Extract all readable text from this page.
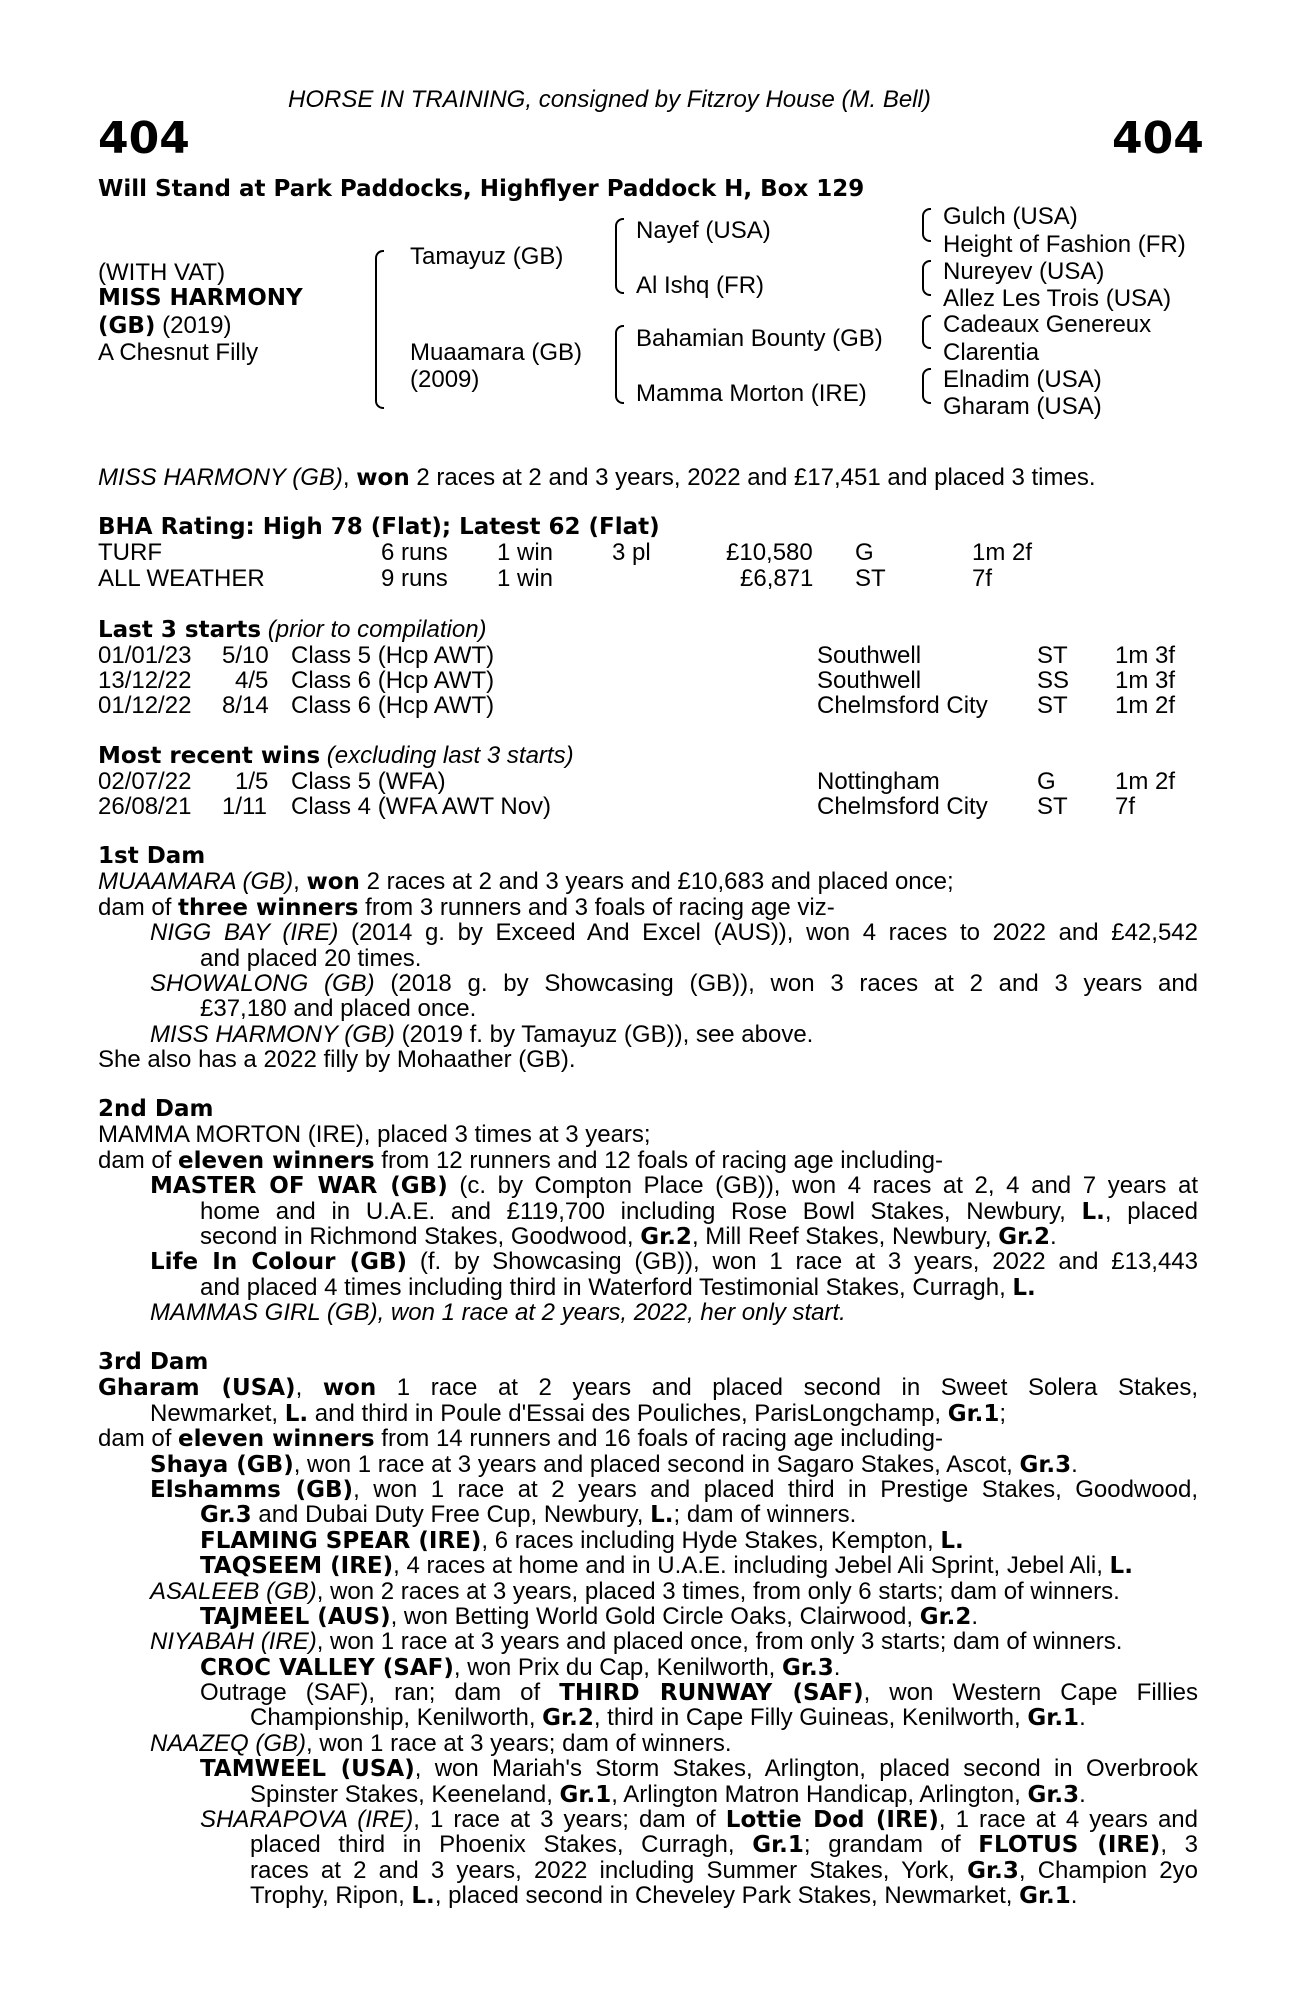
HORSE IN TRAINING, consigned by Fitzroy House (M. Bell)
404	404
Will Stand at Park Paddocks, Highflyer Paddock H, Box 129
(WITH VAT)
MISS HARMONY
(GB) (2019)
A Chesnut Filly
Tamayuz (GB)
Muaamara (GB)
(2009)
Nayef (USA)
Al Ishq (FR)
Bahamian Bounty (GB)
Mamma Morton (IRE)
Gulch (USA)
Height of Fashion (FR)
Nureyev (USA)
Allez Les Trois (USA)
Cadeaux Genereux
Clarentia
Elnadim (USA)
Gharam (USA)
MISS HARMONY (GB), won 2 races at 2 and 3 years, 2022 and £17,451 and placed 3 times.
BHA Rating: High 78 (Flat); Latest 62 (Flat)
TURF	6 runs 1 win 3 pl	£10,580 G	1m 2f
ALL WEATHER	9 runs 1 win	£6,871 ST	7f
Last 3 starts (prior to compilation)
01/01/23 5/10 Class 5 (Hcp AWT)	Southwell	ST 1m 3f
13/12/22 4/5 Class 6 (Hcp AWT)	Southwell	SS 1m 3f
01/12/22 8/14 Class 6 (Hcp AWT)	Chelmsford City ST 1m 2f
Most recent wins (excluding last 3 starts)
02/07/22 1/5 Class 5 (WFA)	Nottingham	G 1m 2f
26/08/21 1/11 Class 4 (WFA AWT Nov)	Chelmsford City ST 7f
1st Dam
MUAAMARA (GB), won 2 races at 2 and 3 years and £10,683 and placed once;
dam of three winners from 3 runners and 3 foals of racing age viz-
NIGG BAY (IRE) (2014 g. by Exceed And Excel (AUS)), won 4 races to 2022 and £42,542
and placed 20 times.
SHOWALONG (GB) (2018 g. by Showcasing (GB)), won 3 races at 2 and 3 years and
£37,180 and placed once.
MISS HARMONY (GB) (2019 f. by Tamayuz (GB)), see above.
She also has a 2022 filly by Mohaather (GB).
2nd Dam
MAMMA MORTON (IRE), placed 3 times at 3 years;
dam of eleven winners from 12 runners and 12 foals of racing age including-
MASTER OF WAR (GB) (c. by Compton Place (GB)), won 4 races at 2, 4 and 7 years at
home and in U.A.E. and £119,700 including Rose Bowl Stakes, Newbury, L., placed
second in Richmond Stakes, Goodwood, Gr.2, Mill Reef Stakes, Newbury, Gr.2.
Life In Colour (GB) (f. by Showcasing (GB)), won 1 race at 3 years, 2022 and £13,443
and placed 4 times including third in Waterford Testimonial Stakes, Curragh, L.
MAMMAS GIRL (GB), won 1 race at 2 years, 2022, her only start.
3rd Dam
Gharam (USA), won 1 race at 2 years and placed second in Sweet Solera Stakes,
Newmarket, L. and third in Poule d'Essai des Pouliches, ParisLongchamp, Gr.1;
dam of eleven winners from 14 runners and 16 foals of racing age including-
Shaya (GB), won 1 race at 3 years and placed second in Sagaro Stakes, Ascot, Gr.3.
Elshamms (GB), won 1 race at 2 years and placed third in Prestige Stakes, Goodwood,
Gr.3 and Dubai Duty Free Cup, Newbury, L.; dam of winners.
FLAMING SPEAR (IRE), 6 races including Hyde Stakes, Kempton, L.
TAQSEEM (IRE), 4 races at home and in U.A.E. including Jebel Ali Sprint, Jebel Ali, L.
ASALEEB (GB), won 2 races at 3 years, placed 3 times, from only 6 starts; dam of winners.
TAJMEEL (AUS), won Betting World Gold Circle Oaks, Clairwood, Gr.2.
NIYABAH (IRE), won 1 race at 3 years and placed once, from only 3 starts; dam of winners.
CROC VALLEY (SAF), won Prix du Cap, Kenilworth, Gr.3.
Outrage (SAF), ran; dam of THIRD RUNWAY (SAF), won Western Cape Fillies
Championship, Kenilworth, Gr.2, third in Cape Filly Guineas, Kenilworth, Gr.1.
NAAZEQ (GB), won 1 race at 3 years; dam of winners.
TAMWEEL (USA), won Mariah's Storm Stakes, Arlington, placed second in Overbrook
Spinster Stakes, Keeneland, Gr.1, Arlington Matron Handicap, Arlington, Gr.3.
SHARAPOVA (IRE), 1 race at 3 years; dam of Lottie Dod (IRE), 1 race at 4 years and
placed third in Phoenix Stakes, Curragh, Gr.1; grandam of FLOTUS (IRE), 3
races at 2 and 3 years, 2022 including Summer Stakes, York, Gr.3, Champion 2yo
Trophy, Ripon, L., placed second in Cheveley Park Stakes, Newmarket, Gr.1.
